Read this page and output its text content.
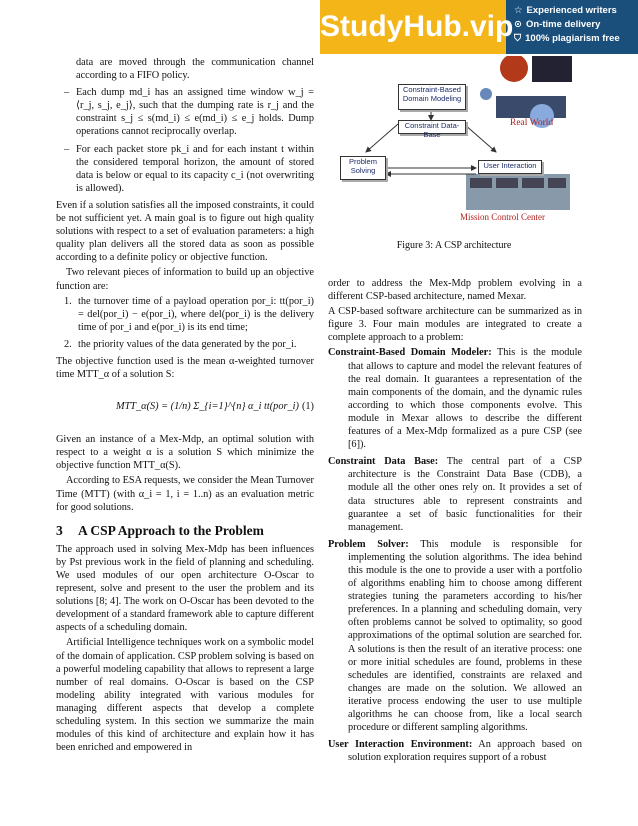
StudyHub.vip ☆ Experienced writers
⊙ On-time delivery
⛉ 100% plagiarism free

data are moved through the communication channel according to a FIFO policy.

– Each dump md_i has an assigned time window w_j = ⟨r_j, s_j, e_j⟩, such that the dumping rate is r_j and the constraint s_j ≤ s(md_i) ≤ e(md_i) ≤ e_j holds. Dump operations cannot reciprocally overlap.
– For each packet store pk_i and for each instant t within the considered temporal horizon, the amount of stored data is below or equal to its capacity c_i (not overwriting is allowed).

Even if a solution satisfies all the imposed constraints, it could be not sufficient yet. A main goal is to figure out high quality solutions with respect to a set of evaluation parameters: a high quality plan delivers all the stored data as soon as possible according to a definite policy or objective function.

Two relevant pieces of information to build up an objective function are:

1. the turnover time of a payload operation por_i: tt(por_i) = del(por_i) − e(por_i), where del(por_i) is the delivery time of por_i and e(por_i) is its end time;
2. the priority values of the data generated by the por_i.

The objective function used is the mean α-weighted turnover time MTT_α of a solution S:

MTT_α(S) = (1/n) Σ_{i=1}^{n} α_i tt(por_i) (1)

Given an instance of a Mex-Mdp, an optimal solution with respect to a weight α is a solution S which minimize the objective function MTT_α(S).

According to ESA requests, we consider the Mean Turnover Time (MTT) (with α_i = 1, i = 1..n) as an evaluation metric for good solutions.

3 A CSP Approach to the Problem

The approach used in solving Mex-Mdp has been influences by Pst previous work in the field of planning and scheduling. We used modules of our open architecture O-Oscar to represent, solve and present to the user the problem and its solutions [8; 4]. The work on O-Oscar has been devoted to the development of a standard framework able to capture different aspects of a scheduling domain.

Artificial Intelligence techniques work on a symbolic model of the domain of application. CSP problem solving is based on a powerful modeling capability that allows to represent a large number of real domains. O-Oscar is based on the CSP modeling ability integrated with various modules for managing different aspects that develop a complete scheduling system. In this section we summarize the main modules of this kind of architecture and explain how it has been enriched and empowered in

Constraint-Based Domain Modeling
Constraint Data-Base
Problem Solving
User Interaction
Real World
Mission Control Center
Figure 3: A CSP architecture

order to address the Mex-Mdp problem evolving in a different CSP-based architecture, named Mexar.

A CSP-based software architecture can be summarized as in figure 3. Four main modules are integrated to create a complete approach to a problem:

Constraint-Based Domain Modeler: This is the module that allows to capture and model the relevant features of the real domain. It guarantees a representation of the main components of the domain, and the dynamic rules according to which those components evolve. This module in Mexar allows to describe the different features of a Mex-Mdp formalized as a pure CSP (see [6]).
Constraint Data Base: The central part of a CSP architecture is the Constraint Data Base (CDB), a module all the other ones rely on. It provides a set of data structures able to represent constraints and guarantee a set of basic functionalities for their management.
Problem Solver: This module is responsible for implementing the solution algorithms. The idea behind this module is the one to provide a user with a portfolio of algorithms enabling him to choose among different strategies tuning the parameters according to his/her preferences. In a planning and scheduling domain, very often problems cannot be solved to optimality, so good approximations of the optimal solution are searched for. A solutions is then the result of an iterative process: one or more initial schedules are found, problems in these schedules are identified, constraints are relaxed and changes are made on the solution. We allowed an iterative process endowing the user to use multiple algorithms he can choose from, like a local search procedure or different sampling algorithms.
User Interaction Environment: An approach based on solution exploration requires support of a robust
